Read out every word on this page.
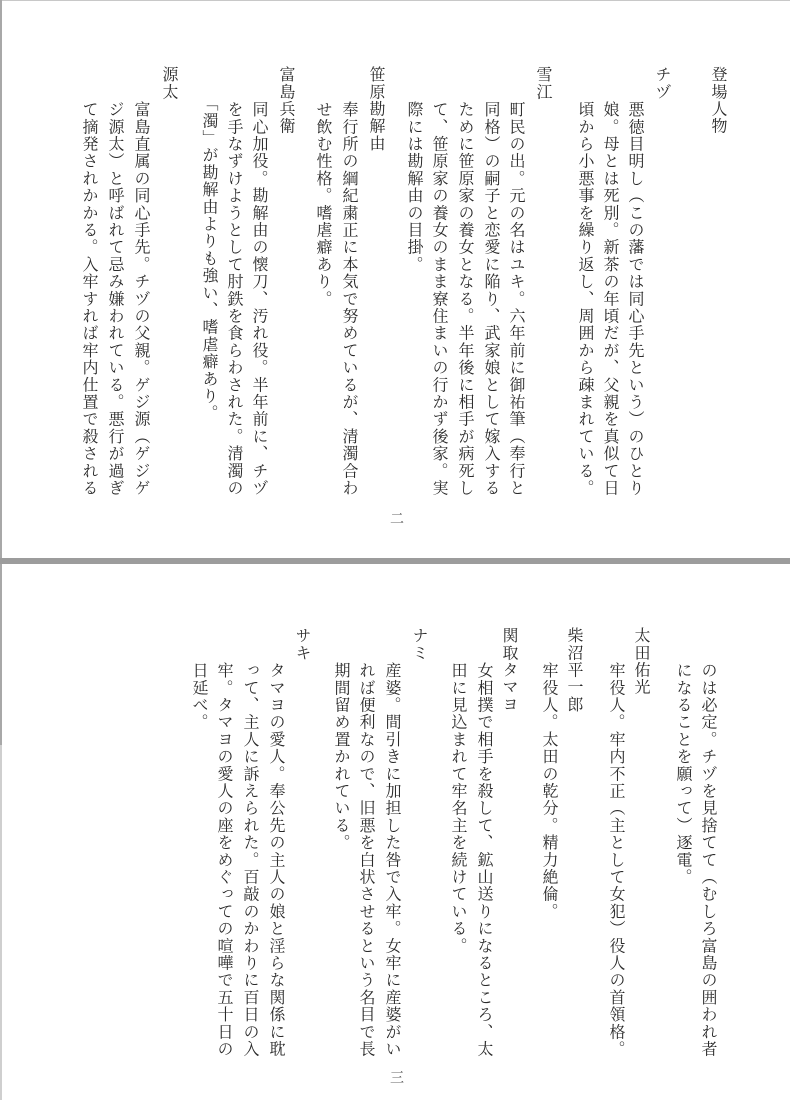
登場人物
チヅ
悪徳目明し（この藩では同心手先という）のひとり
娘。母とは死別。新茶の年頃だが、父親を真似て日
頃から小悪事を繰り返し、周囲から疎まれている。
雪江
町民の出。元の名はユキ。六年前に御祐筆（奉行と
同格）の嗣子と恋愛に陥り、武家娘として嫁入する
ために笹原家の養女となる。半年後に相手が病死し
て、笹原家の養女のまま寮住まいの行かず後家。実
際には勘解由の目掛。
笹原勘解由
奉行所の綱紀粛正に本気で努めているが、清濁合わ
せ飲む性格。嗜虐癖あり。
富島兵衛
同心加役。勘解由の懐刀、汚れ役。半年前に、チヅ
を手なずけようとして肘鉄を食らわされた。清濁の
「濁」が勘解由よりも強い、嗜虐癖あり。
源太
富島直属の同心手先。チヅの父親。ゲジ源（ゲジゲ
ジ源太）と呼ばれて忌み嫌われている。悪行が過ぎ
て摘発されかかる。入牢すれば牢内仕置で殺される
二
のは必定。チヅを見捨てて（むしろ富島の囲われ者
になることを願って）逐電。
太田佑光
牢役人。牢内不正（主として女犯）役人の首領格。
柴沼平一郎
牢役人。太田の乾分。精力絶倫。
関取タマヨ
女相撲で相手を殺して、鉱山送りになるところ、太
田に見込まれて牢名主を続けている。
ナミ
産婆。間引きに加担した咎で入牢。女牢に産婆がい
れば便利なので、旧悪を白状させるという名目で長
期間留め置かれている。
サキ
タマヨの愛人。奉公先の主人の娘と淫らな関係に耽
って、主人に訴えられた。百敲のかわりに百日の入
牢。タマヨの愛人の座をめぐっての喧嘩で五十日の
日延べ。
三
